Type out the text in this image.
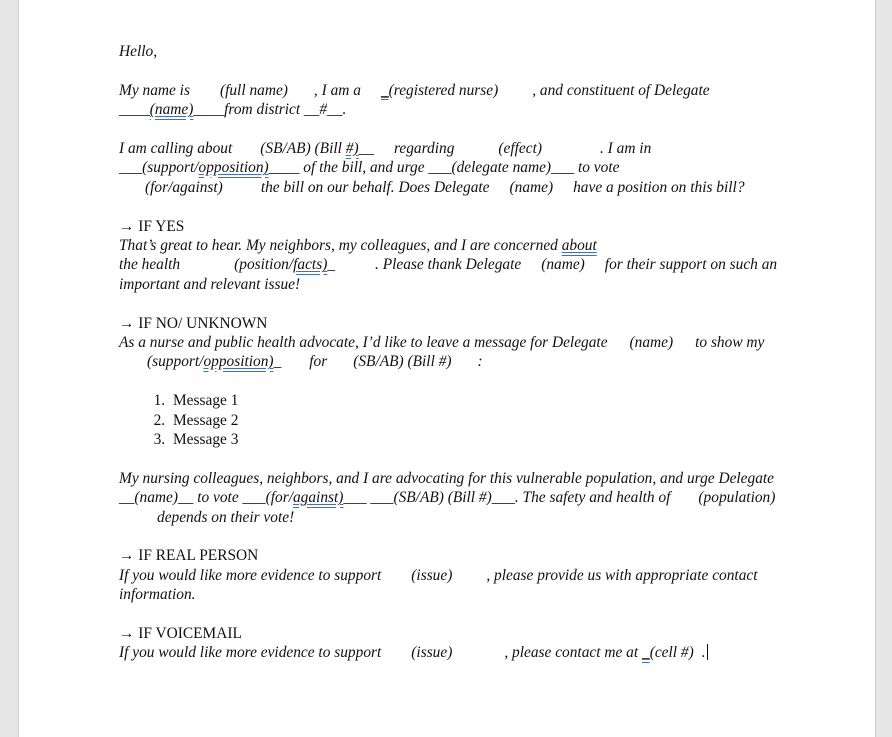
Hello,

My name is (full name) , I am a _(registered nurse) , and constituent of Delegate
____(name)____from district __#__.

I am calling about (SB/AB) (Bill #)__ regarding	(effect)	. I am in
___(support/opposition)____ of the bill, and urge ___(delegate name)___ to vote
(for/against) the bill on our behalf. Does Delegate (name) have a position on this bill?

→ IF YES
That’s great to hear. My neighbors, my colleagues, and I are concerned about
the health	(position/facts)_	. Please thank Delegate (name) for their support on such an important and relevant issue!

→ IF NO/ UNKNOWN
As a nurse and public health advocate, I’d like to leave a message for Delegate (name) to show my(support/opposition)_ for (SB/AB) (Bill #) :

1. Message 1
2. Message 2
3. Message 3

My nursing colleagues, neighbors, and I are advocating for this vulnerable population, and urge Delegate __(name)__ to vote ___(for/against)___ ___(SB/AB) (Bill #)___. The safety and health of (population)depends on their vote!

→ IF REAL PERSON
If you would like more evidence to support (issue) , please provide us with appropriate contact information.

→ IF VOICEMAIL
If you would like more evidence to support (issue)	, please contact me at _(cell #) .
